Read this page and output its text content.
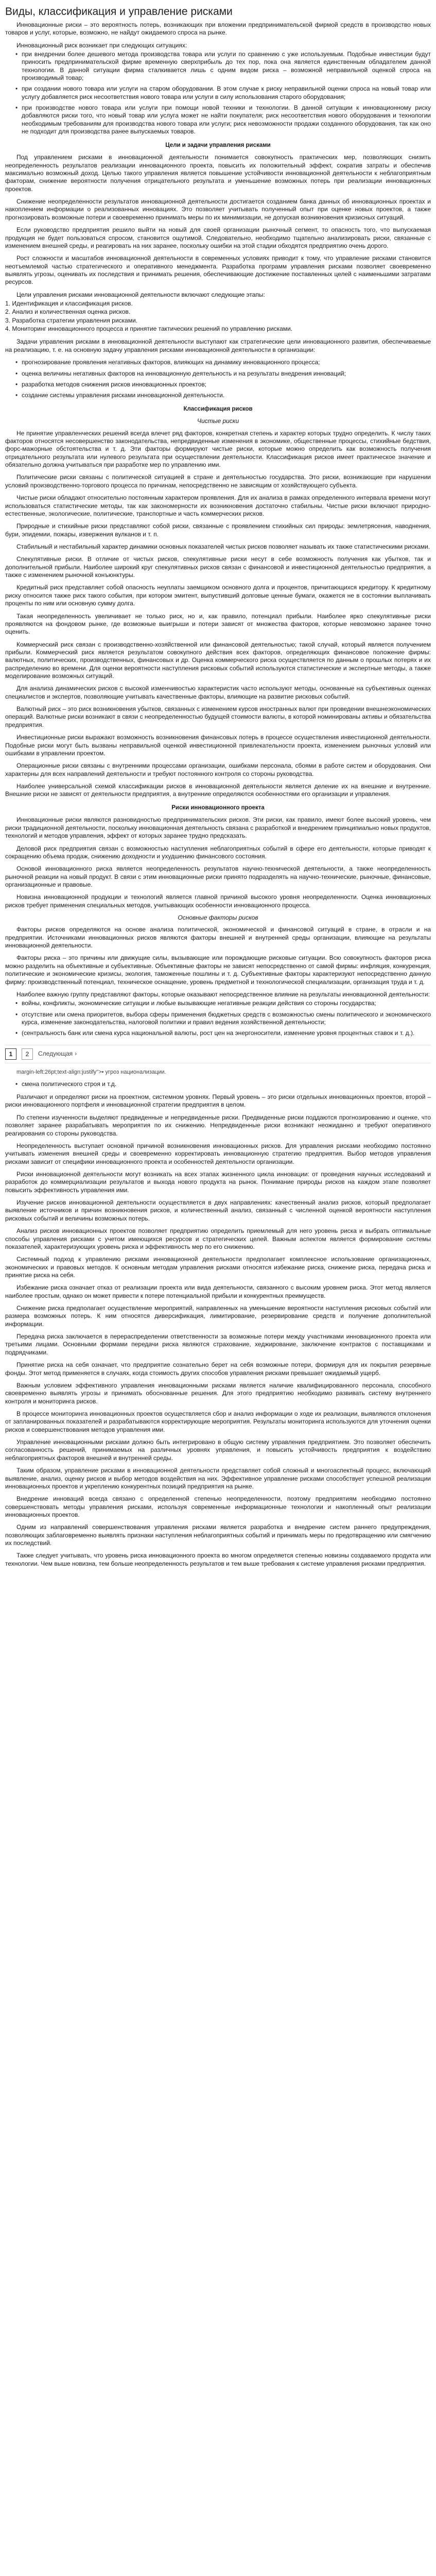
Виды, классификация и управление рисками

Инновационные риски – это вероятность потерь, возникающих при вложении предпринимательской фирмой средств в производство новых товаров и услуг, которые, возможно, не найдут ожидаемого спроса на рынке.

Инновационный риск возникает при следующих ситуациях:

• при внедрении более дешевого метода производства товара или услуги по сравнению с уже используемым. Подобные инвестиции будут приносить предпринимательской фирме временную сверхприбыль до тех пор, пока она является единственным обладателем данной технологии. В данной ситуации фирма сталкивается лишь с одним видом риска – возможной неправильной оценкой спроса на производимый товар;
• при создании нового товара или услуги на старом оборудовании. В этом случае к риску неправильной оценки спроса на новый товар или услугу добавляется риск несоответствия нового товара или услуги в силу использования старого оборудования;
• при производстве нового товара или услуги при помощи новой техники и технологии. В данной ситуации к инновационному риску добавляются риски того, что новый товар или услуга может не найти покупателя; риск несоответствия нового оборудования и технологии необходимым требованиям для производства нового товара или услуги; риск невозможности продажи созданного оборудования, так как оно не подходит для производства ранее выпускаемых товаров.
Цели и задачи управления рисками

Под управлением рисками в инновационной деятельности понимается совокупность практических мер, позволяющих снизить неопределенность результатов реализации инновационного проекта, повысить их положительный эффект, сократив затраты и обеспечив максимально возможный доход. Целью такого управления является повышение устойчивости инновационной деятельности к неблагоприятным факторам, снижение вероятности получения отрицательного результата и уменьшение возможных потерь при реализации инновационных проектов.

Снижение неопределенности результатов инновационной деятельности достигается созданием банка данных об инновационных проектах и накоплением информации о реализованных инновациях. Это позволяет учитывать полученный опыт при оценке новых проектов, а также прогнозировать возможные потери и своевременно принимать меры по их минимизации, не допуская возникновения кризисных ситуаций.

Если руководство предприятия решило выйти на новый для своей организации рыночный сегмент, то опасность того, что выпускаемая продукция не будет пользоваться спросом, становится ощутимой. Следовательно, необходимо тщательно анализировать риски, связанные с изменением внешней среды, и реагировать на них заранее, поскольку ошибки на этой стадии обходятся предприятию очень дорого.

Рост сложности и масштабов инновационной деятельности в современных условиях приводит к тому, что управление рисками становится неотъемлемой частью стратегического и оперативного менеджмента. Разработка программ управления рисками позволяет своевременно выявлять угрозы, оценивать их последствия и принимать решения, обеспечивающие достижение поставленных целей с наименьшими затратами ресурсов.

Цели управления рисками инновационной деятельности включают следующие этапы:

1. Идентификация и классификация рисков.
2. Анализ и количественная оценка рисков.
3. Разработка стратегии управления рисками.
4. Мониторинг инновационного процесса и принятие тактических решений по управлению рисками.

Задачи управления рисками в инновационной деятельности выступают как стратегические цели инновационного развития, обеспечиваемые на реализацию, т. е. на основную задачу управления рисками инновационной деятельности в организации:

• прогнозирование проявления негативных факторов, влияющих на динамику инновационного процесса;
• оценка величины негативных факторов на инновационную деятельность и на результаты внедрения инноваций;
• разработка методов снижения рисков инновационных проектов;
• создание системы управления рисками инновационной деятельности.
Классификация рисков
Чистые риски

Не принятие управленческих решений всегда влечет ряд факторов, конкретная степень и характер которых трудно определить. К числу таких факторов относятся несовершенство законодательства, непредвиденные изменения в экономике, общественные процессы, стихийные бедствия, форс-мажорные обстоятельства и т. д. Эти факторы формируют чистые риски, которые можно определить как возможность получения отрицательного результата или нулевого результата при осуществлении деятельности. Классификация рисков имеет практическое значение и обязательно должна учитываться при разработке мер по управлению ими.

Политические риски связаны с политической ситуацией в стране и деятельностью государства. Это риски, возникающие при нарушении условий производственно-торгового процесса по причинам, непосредственно не зависящим от хозяйствующего субъекта.

Чистые риски обладают относительно постоянным характером проявления. Для их анализа в рамках определенного интервала времени могут использоваться статистические методы, так как закономерности их возникновения достаточно стабильны. Чистые риски включают природно-естественные, экологические, политические, транспортные и часть коммерческих рисков.

Природные и стихийные риски представляют собой риски, связанные с проявлением стихийных сил природы: землетрясения, наводнения, бури, эпидемии, пожары, извержения вулканов и т. п.

Стабильный и нестабильный характер динамики основных показателей чистых рисков позволяет называть их также статистическими рисками.

Спекулятивные риски. В отличие от чистых рисков, спекулятивные риски несут в себе возможность получения как убытков, так и дополнительной прибыли. Наиболее широкий круг спекулятивных рисков связан с финансовой и инвестиционной деятельностью предприятия, а также с изменением рыночной конъюнктуры.

Кредитный риск представляет собой опасность неуплаты заемщиком основного долга и процентов, причитающихся кредитору. К кредитному риску относится также риск такого события, при котором эмитент, выпустивший долговые ценные бумаги, окажется не в состоянии выплачивать проценты по ним или основную сумму долга.

Такая неопределенность увеличивает не только риск, но и, как правило, потенциал прибыли. Наиболее ярко спекулятивные риски проявляются на фондовом рынке, где возможные выигрыши и потери зависят от множества факторов, которые невозможно заранее точно оценить.

Коммерческий риск связан с производственно-хозяйственной или финансовой деятельностью; такой случай, который является получением прибыли. Коммерческий риск является результатом совокупного действия всех факторов, определяющих финансовое положение фирмы: валютных, политических, производственных, финансовых и др. Оценка коммерческого риска осуществляется по данным о прошлых потерях и их распределению во времени. Для оценки вероятности наступления рисковых событий используются статистические и экспертные методы, а также моделирование возможных ситуаций.

Для анализа динамических рисков с высокой изменчивостью характеристик часто используют методы, основанные на субъективных оценках специалистов и экспертов, позволяющие учитывать качественные факторы, влияющие на развитие рисковых событий.

Валютный риск – это риск возникновения убытков, связанных с изменением курсов иностранных валют при проведении внешнеэкономических операций. Валютные риски возникают в связи с неопределенностью будущей стоимости валюты, в которой номинированы активы и обязательства предприятия.

Инвестиционные риски выражают возможность возникновения финансовых потерь в процессе осуществления инвестиционной деятельности. Подобные риски могут быть вызваны неправильной оценкой инвестиционной привлекательности проекта, изменением рыночных условий или ошибками в управлении проектом.

Операционные риски связаны с внутренними процессами организации, ошибками персонала, сбоями в работе систем и оборудования. Они характерны для всех направлений деятельности и требуют постоянного контроля со стороны руководства.

Наиболее универсальной схемой классификации рисков в инновационной деятельности является деление их на внешние и внутренние. Внешние риски не зависят от деятельности предприятия, а внутренние определяются особенностями его организации и управления.

Риски инновационного проекта

Инновационные риски являются разновидностью предпринимательских рисков. Эти риски, как правило, имеют более высокий уровень, чем риски традиционной деятельности, поскольку инновационная деятельность связана с разработкой и внедрением принципиально новых продуктов, технологий и методов управления, эффект от которых заранее трудно предсказать.

Деловой риск предприятия связан с возможностью наступления неблагоприятных событий в сфере его деятельности, которые приводят к сокращению объема продаж, снижению доходности и ухудшению финансового состояния.

Основой инновационного риска является неопределенность результатов научно-технической деятельности, а также неопределенность рыночной реакции на новый продукт. В связи с этим инновационные риски принято подразделять на научно-технические, рыночные, финансовые, организационные и правовые.

Новизна инновационной продукции и технологий является главной причиной высокого уровня неопределенности. Оценка инновационных рисков требует применения специальных методов, учитывающих особенности инновационного процесса.

Основные факторы рисков

Факторы рисков определяются на основе анализа политической, экономической и финансовой ситуаций в стране, в отрасли и на предприятии. Источниками инновационных рисков являются факторы внешней и внутренней среды организации, влияющие на результаты инновационной деятельности.

Факторы риска – это причины или движущие силы, вызывающие или порождающие рисковые ситуации. Всю совокупность факторов риска можно разделить на объективные и субъективные. Объективные факторы не зависят непосредственно от самой фирмы: инфляция, конкуренция, политические и экономические кризисы, экология, таможенные пошлины и т. д. Субъективные факторы характеризуют непосредственно данную фирму: производственный потенциал, техническое оснащение, уровень предметной и технологической специализации, организация труда и т. д.

Наиболее важную группу представляют факторы, которые оказывают непосредственное влияние на результаты инновационной деятельности:

• войны, конфликты, экономические ситуации и любые вызывающие негативные реакции действия со стороны государства;
• отсутствие или смена приоритетов, выбора сферы применения бюджетных средств с возможностью смены политического и экономического курса, изменение законодательства, налоговой политики и правил ведения хозяйственной деятельности;
• (сентральность банк или смена курса национальной валюты, рост цен на энергоносители, изменение уровня процентных ставок и т. д.).
1	2	Следующая ›

margin-left:26pt;text-align:justify">• угроз национализации.

• смена политического строя и т.д.

Различают и определяют риски на проектном, системном уровнях. Первый уровень – это риски отдельных инновационных проектов, второй – риски инновационного портфеля и инновационной стратегии предприятия в целом.

По степени изученности выделяют предвиденные и непредвиденные риски. Предвиденные риски поддаются прогнозированию и оценке, что позволяет заранее разрабатывать мероприятия по их снижению. Непредвиденные риски возникают неожиданно и требуют оперативного реагирования со стороны руководства.

Неопределенность выступает основной причиной возникновения инновационных рисков. Для управления рисками необходимо постоянно учитывать изменения внешней среды и своевременно корректировать инновационную стратегию предприятия. Выбор методов управления рисками зависит от специфики инновационного проекта и особенностей деятельности организации.

Риски инновационной деятельности могут возникать на всех этапах жизненного цикла инновации: от проведения научных исследований и разработок до коммерциализации результатов и выхода нового продукта на рынок. Понимание природы рисков на каждом этапе позволяет повысить эффективность управления ими.

Изучение рисков инновационной деятельности осуществляется в двух направлениях: качественный анализ рисков, который предполагает выявление источников и причин возникновения рисков, и количественный анализ, связанный с численной оценкой вероятности наступления рисковых событий и величины возможных потерь.

Анализ рисков инновационных проектов позволяет предприятию определить приемлемый для него уровень риска и выбрать оптимальные способы управления рисками с учетом имеющихся ресурсов и стратегических целей. Важным аспектом является формирование системы показателей, характеризующих уровень риска и эффективность мер по его снижению.

Системный подход к управлению рисками инновационной деятельности предполагает комплексное использование организационных, экономических и правовых методов. К основным методам управления рисками относятся избежание риска, снижение риска, передача риска и принятие риска на себя.

Избежание риска означает отказ от реализации проекта или вида деятельности, связанного с высоким уровнем риска. Этот метод является наиболее простым, однако он может привести к потере потенциальной прибыли и конкурентных преимуществ.

Снижение риска предполагает осуществление мероприятий, направленных на уменьшение вероятности наступления рисковых событий или размера возможных потерь. К ним относятся диверсификация, лимитирование, резервирование средств и получение дополнительной информации.

Передача риска заключается в перераспределении ответственности за возможные потери между участниками инновационного проекта или третьими лицами. Основными формами передачи риска являются страхование, хеджирование, заключение контрактов с поставщиками и подрядчиками.

Принятие риска на себя означает, что предприятие сознательно берет на себя возможные потери, формируя для их покрытия резервные фонды. Этот метод применяется в случаях, когда стоимость других способов управления рисками превышает ожидаемый ущерб.

Важным условием эффективного управления инновационными рисками является наличие квалифицированного персонала, способного своевременно выявлять угрозы и принимать обоснованные решения. Для этого предприятию необходимо развивать систему внутреннего контроля и мониторинга рисков.

В процессе мониторинга инновационных проектов осуществляется сбор и анализ информации о ходе их реализации, выявляются отклонения от запланированных показателей и разрабатываются корректирующие мероприятия. Результаты мониторинга используются для уточнения оценки рисков и совершенствования методов управления ими.

Управление инновационными рисками должно быть интегрировано в общую систему управления предприятием. Это позволяет обеспечить согласованность решений, принимаемых на различных уровнях управления, и повысить устойчивость предприятия к воздействию неблагоприятных факторов внешней и внутренней среды.

Таким образом, управление рисками в инновационной деятельности представляет собой сложный и многоаспектный процесс, включающий выявление, анализ, оценку рисков и выбор методов воздействия на них. Эффективное управление рисками способствует успешной реализации инновационных проектов и укреплению конкурентных позиций предприятия на рынке.

Внедрение инноваций всегда связано с определенной степенью неопределенности, поэтому предприятиям необходимо постоянно совершенствовать методы управления рисками, используя современные информационные технологии и накопленный опыт реализации инновационных проектов.

Одним из направлений совершенствования управления рисками является разработка и внедрение систем раннего предупреждения, позволяющих заблаговременно выявлять признаки наступления неблагоприятных событий и принимать меры по предотвращению или смягчению их последствий.

Также следует учитывать, что уровень риска инновационного проекта во многом определяется степенью новизны создаваемого продукта или технологии. Чем выше новизна, тем больше неопределенность результатов и тем выше требования к системе управления рисками предприятия.
